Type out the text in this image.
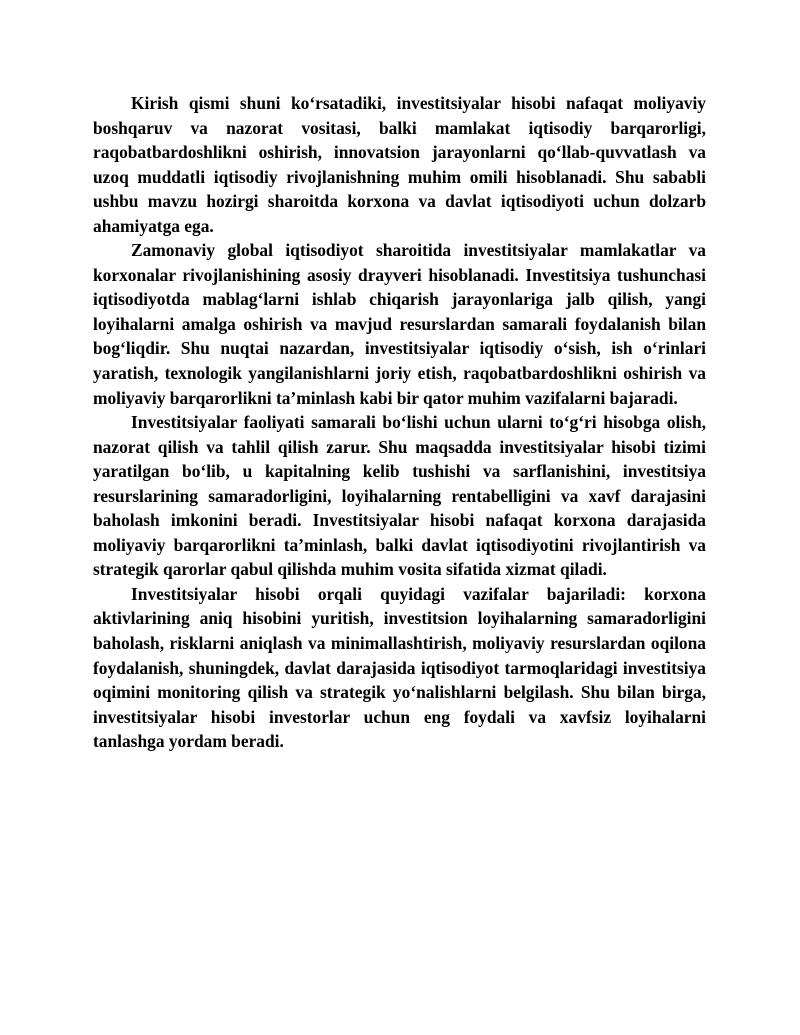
Kirish qismi shuni ko‘rsatadiki, investitsiyalar hisobi nafaqat moliyaviy boshqaruv va nazorat vositasi, balki mamlakat iqtisodiy barqarorligi, raqobatbardoshlikni oshirish, innovatsion jarayonlarni qo‘llab-quvvatlash va uzoq muddatli iqtisodiy rivojlanishning muhim omili hisoblanadi. Shu sababli ushbu mavzu hozirgi sharoitda korxona va davlat iqtisodiyoti uchun dolzarb ahamiyatga ega.

Zamonaviy global iqtisodiyot sharoitida investitsiyalar mamlakatlar va korxonalar rivojlanishining asosiy drayveri hisoblanadi. Investitsiya tushunchasi iqtisodiyotda mablag‘larni ishlab chiqarish jarayonlariga jalb qilish, yangi loyihalarni amalga oshirish va mavjud resurslardan samarali foydalanish bilan bog‘liqdir. Shu nuqtai nazardan, investitsiyalar iqtisodiy o‘sish, ish o‘rinlari yaratish, texnologik yangilanishlarni joriy etish, raqobatbardoshlikni oshirish va moliyaviy barqarorlikni ta’minlash kabi bir qator muhim vazifalarni bajaradi.

Investitsiyalar faoliyati samarali bo‘lishi uchun ularni to‘g‘ri hisobga olish, nazorat qilish va tahlil qilish zarur. Shu maqsadda investitsiyalar hisobi tizimi yaratilgan bo‘lib, u kapitalning kelib tushishi va sarflanishini, investitsiya resurslarining samaradorligini, loyihalarning rentabelligini va xavf darajasini baholash imkonini beradi. Investitsiyalar hisobi nafaqat korxona darajasida moliyaviy barqarorlikni ta’minlash, balki davlat iqtisodiyotini rivojlantirish va strategik qarorlar qabul qilishda muhim vosita sifatida xizmat qiladi.

Investitsiyalar hisobi orqali quyidagi vazifalar bajariladi: korxona aktivlarining aniq hisobini yuritish, investitsion loyihalarning samaradorligini baholash, risklarni aniqlash va minimallashtirish, moliyaviy resurslardan oqilona foydalanish, shuningdek, davlat darajasida iqtisodiyot tarmoqlaridagi investitsiya oqimini monitoring qilish va strategik yo‘nalishlarni belgilash. Shu bilan birga, investitsiyalar hisobi investorlar uchun eng foydali va xavfsiz loyihalarni tanlashga yordam beradi.
